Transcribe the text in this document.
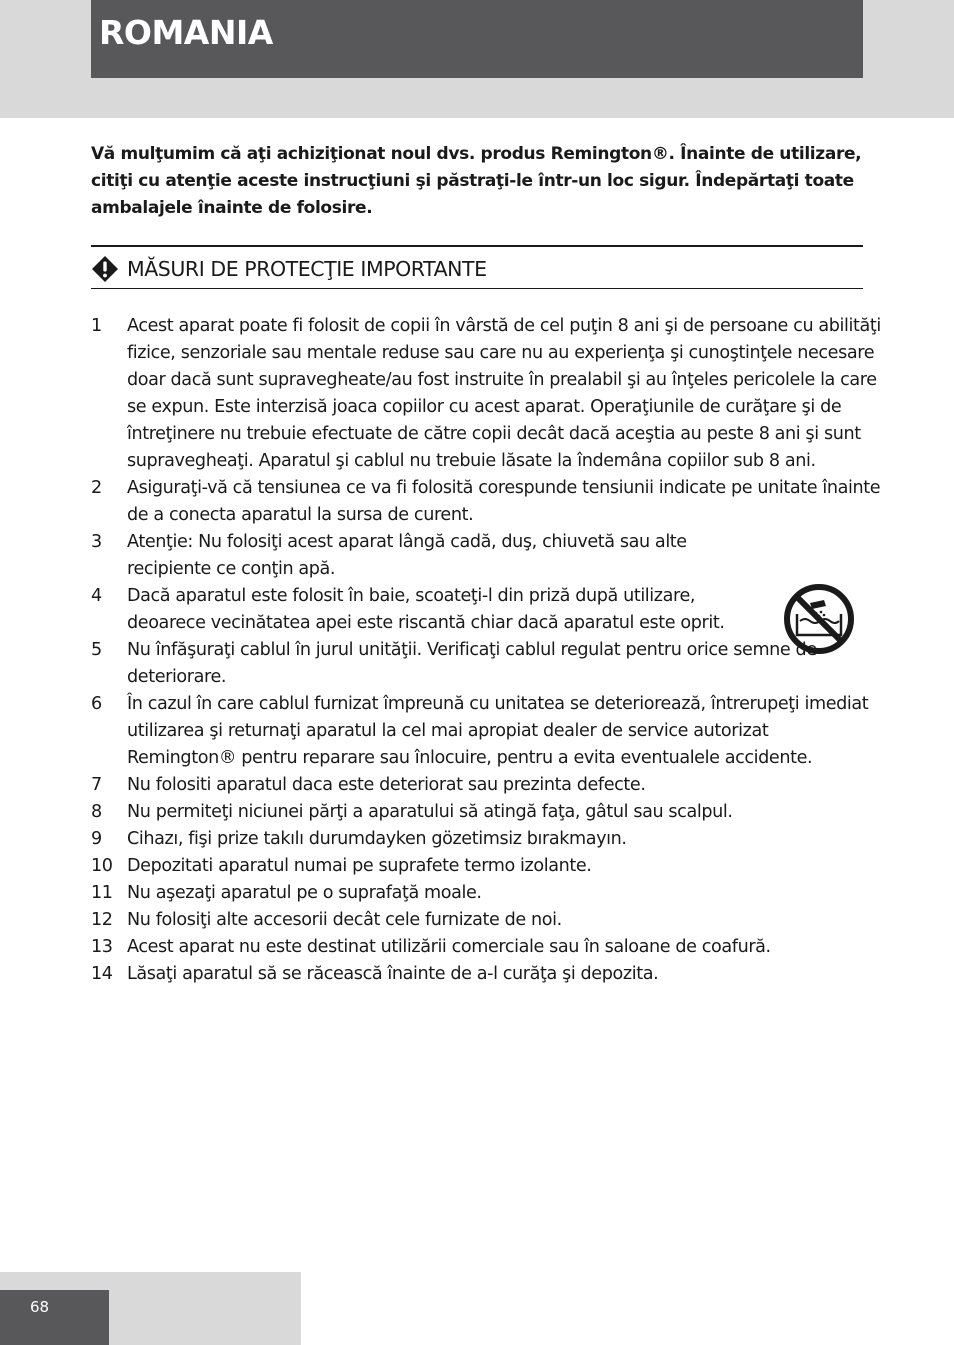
ROMANIA

Vă mulţumim că aţi achiziţionat noul dvs. produs Remington®. Înainte de utilizare, citiţi cu atenţie aceste instrucţiuni şi păstraţi-le într-un loc sigur. Îndepărtaţi toate ambalajele înainte de folosire.

MĂSURI DE PROTECŢIE IMPORTANTE
1 Acest aparat poate fi folosit de copii în vârstă de cel puţin 8 ani şi de persoane cu abilităţi fizice, senzoriale sau mentale reduse sau care nu au experienţa şi cunoştinţele necesare doar dacă sunt supravegheate/au fost instruite în prealabil şi au înţeles pericolele la care se expun. Este interzisă joaca copiilor cu acest aparat. Operaţiunile de curăţare şi de întreţinere nu trebuie efectuate de către copii decât dacă aceştia au peste 8 ani şi sunt supravegheaţi. Aparatul şi cablul nu trebuie lăsate la îndemâna copiilor sub 8 ani.
2 Asiguraţi-vă că tensiunea ce va fi folosită corespunde tensiunii indicate pe unitate înainte de a conecta aparatul la sursa de curent.
3 Atenţie: Nu folosiţi acest aparat lângă cadă, duş, chiuvetă sau alte recipiente ce conţin apă.
4 Dacă aparatul este folosit în baie, scoateţi-l din priză după utilizare, deoarece vecinătatea apei este riscantă chiar dacă aparatul este oprit.
5 Nu înfăşuraţi cablul în jurul unităţii. Verificaţi cablul regulat pentru orice semne de deteriorare.
6 În cazul în care cablul furnizat împreună cu unitatea se deteriorează, întrerupeţi imediat utilizarea şi returnaţi aparatul la cel mai apropiat dealer de service autorizat Remington® pentru reparare sau înlocuire, pentru a evita eventualele accidente.
7 Nu folositi aparatul daca este deteriorat sau prezinta defecte.
8 Nu permiteţi niciunei părţi a aparatului să atingă faţa, gâtul sau scalpul.
9 Cihazı, fişi prize takılı durumdayken gözetimsiz bırakmayın.
10 Depozitati aparatul numai pe suprafete termo izolante.
11 Nu aşezaţi aparatul pe o suprafaţă moale.
12 Nu folosiţi alte accesorii decât cele furnizate de noi.
13 Acest aparat nu este destinat utilizării comerciale sau în saloane de coafură.
14 Lăsaţi aparatul să se răcească înainte de a-l curăţa şi depozita.
68
